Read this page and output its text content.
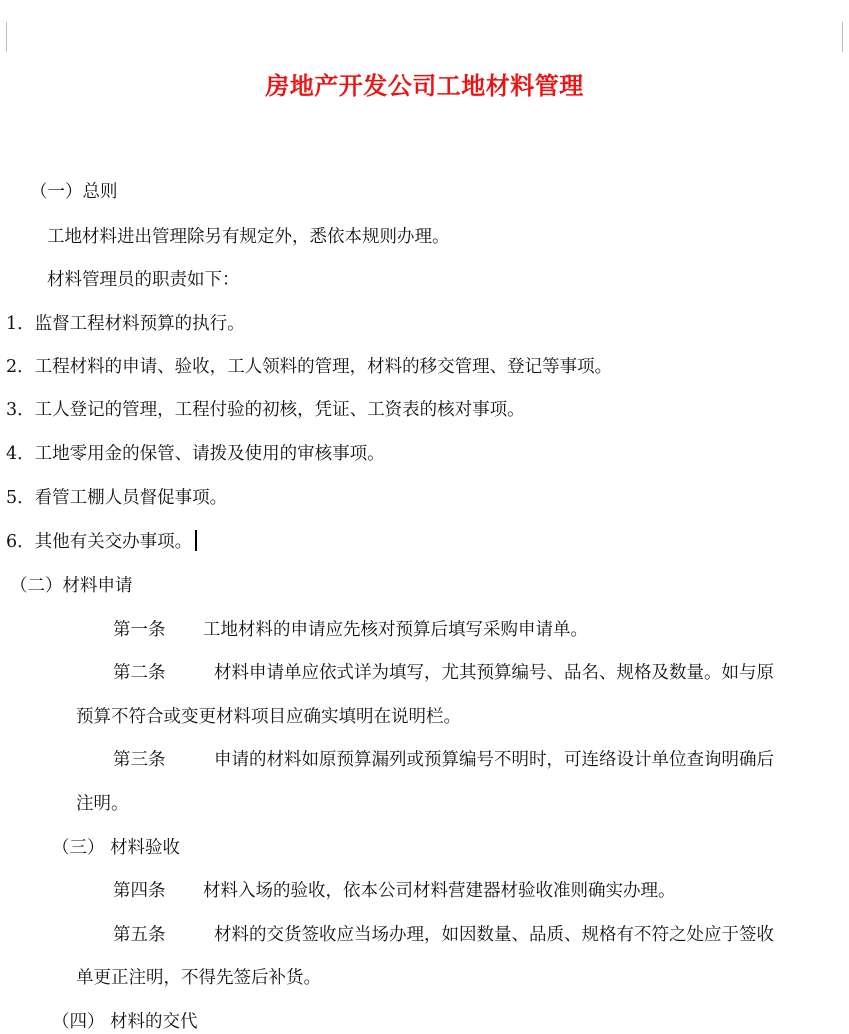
房地产开发公司工地材料管理
（一）总则
工地材料进出管理除另有规定外，悉依本规则办理。
材料管理员的职责如下：
1．监督工程材料预算的执行。
2．工程材料的申请、验收，工人领料的管理，材料的移交管理、登记等事项。
3．工人登记的管理，工程付验的初核，凭证、工资表的核对事项。
4．工地零用金的保管、请拨及使用的审核事项。
5．看管工棚人员督促事项。
6．其他有关交办事项。
（二）材料申请
第一条 工地材料的申请应先核对预算后填写采购申请单。
第二条	材料申请单应依式详为填写，尤其预算编号、品名、规格及数量。如与原
预算不符合或变更材料项目应确实填明在说明栏。
第三条	申请的材料如原预算漏列或预算编号不明时，可连络设计单位查询明确后
注明。
（三） 材料验收
第四条 材料入场的验收，依本公司材料营建器材验收准则确实办理。
第五条	材料的交货签收应当场办理，如因数量、品质、规格有不符之处应于签收
单更正注明，不得先签后补货。
（四） 材料的交代
